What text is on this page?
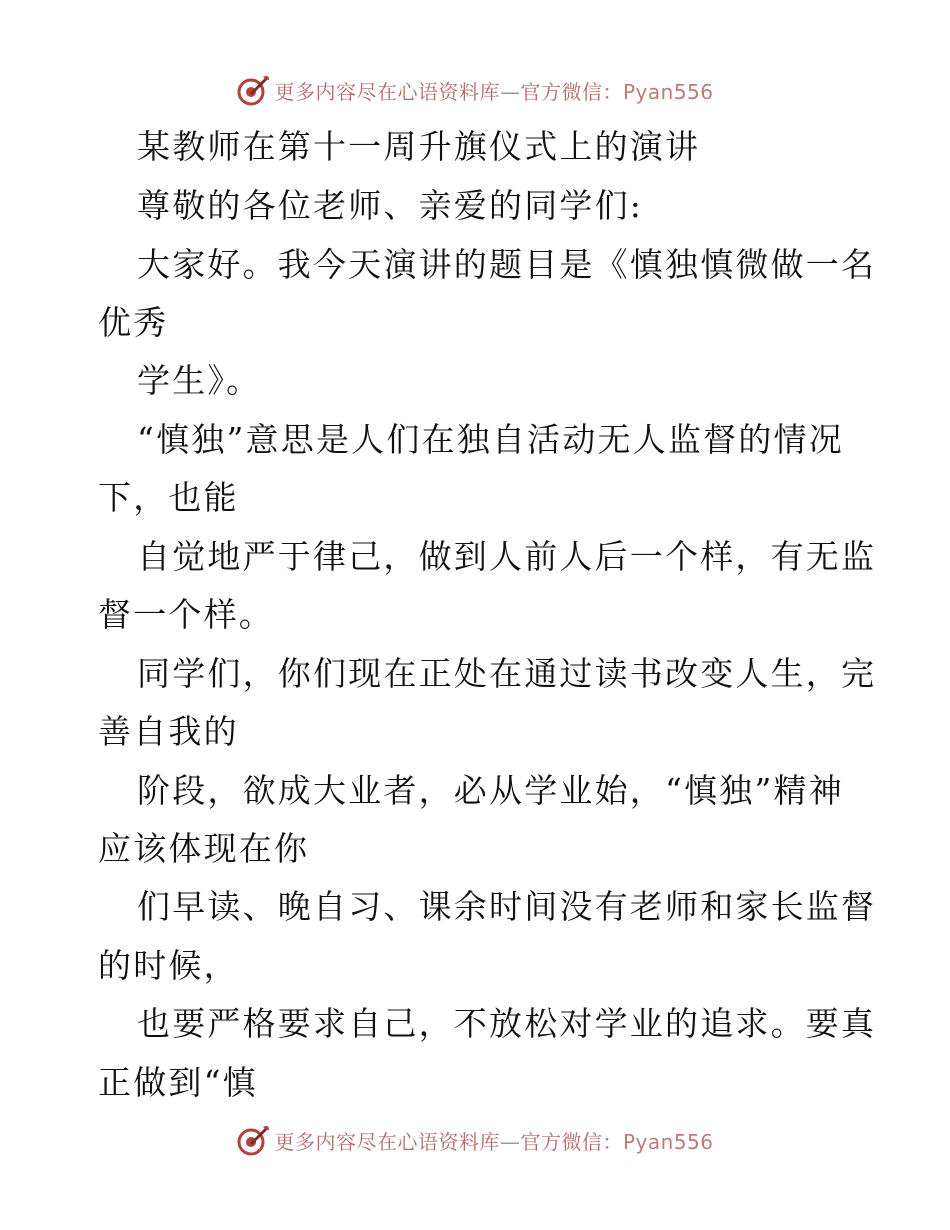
更多内容尽在心语资料库—官方微信：Pyan556
某教师在第十一周升旗仪式上的演讲
尊敬的各位老师、亲爱的同学们:
大家好。我今天演讲的题目是《慎独慎微做一名
优秀
学生》。
“慎独”意思是人们在独自活动无人监督的情况
下，也能
自觉地严于律己，做到人前人后一个样，有无监
督一个样。
同学们，你们现在正处在通过读书改变人生，完
善自我的
阶段，欲成大业者，必从学业始，“慎独”精神
应该体现在你
们早读、晚自习、课余时间没有老师和家长监督
的时候，
也要严格要求自己，不放松对学业的追求。要真
正做到“慎
更多内容尽在心语资料库—官方微信：Pyan556
